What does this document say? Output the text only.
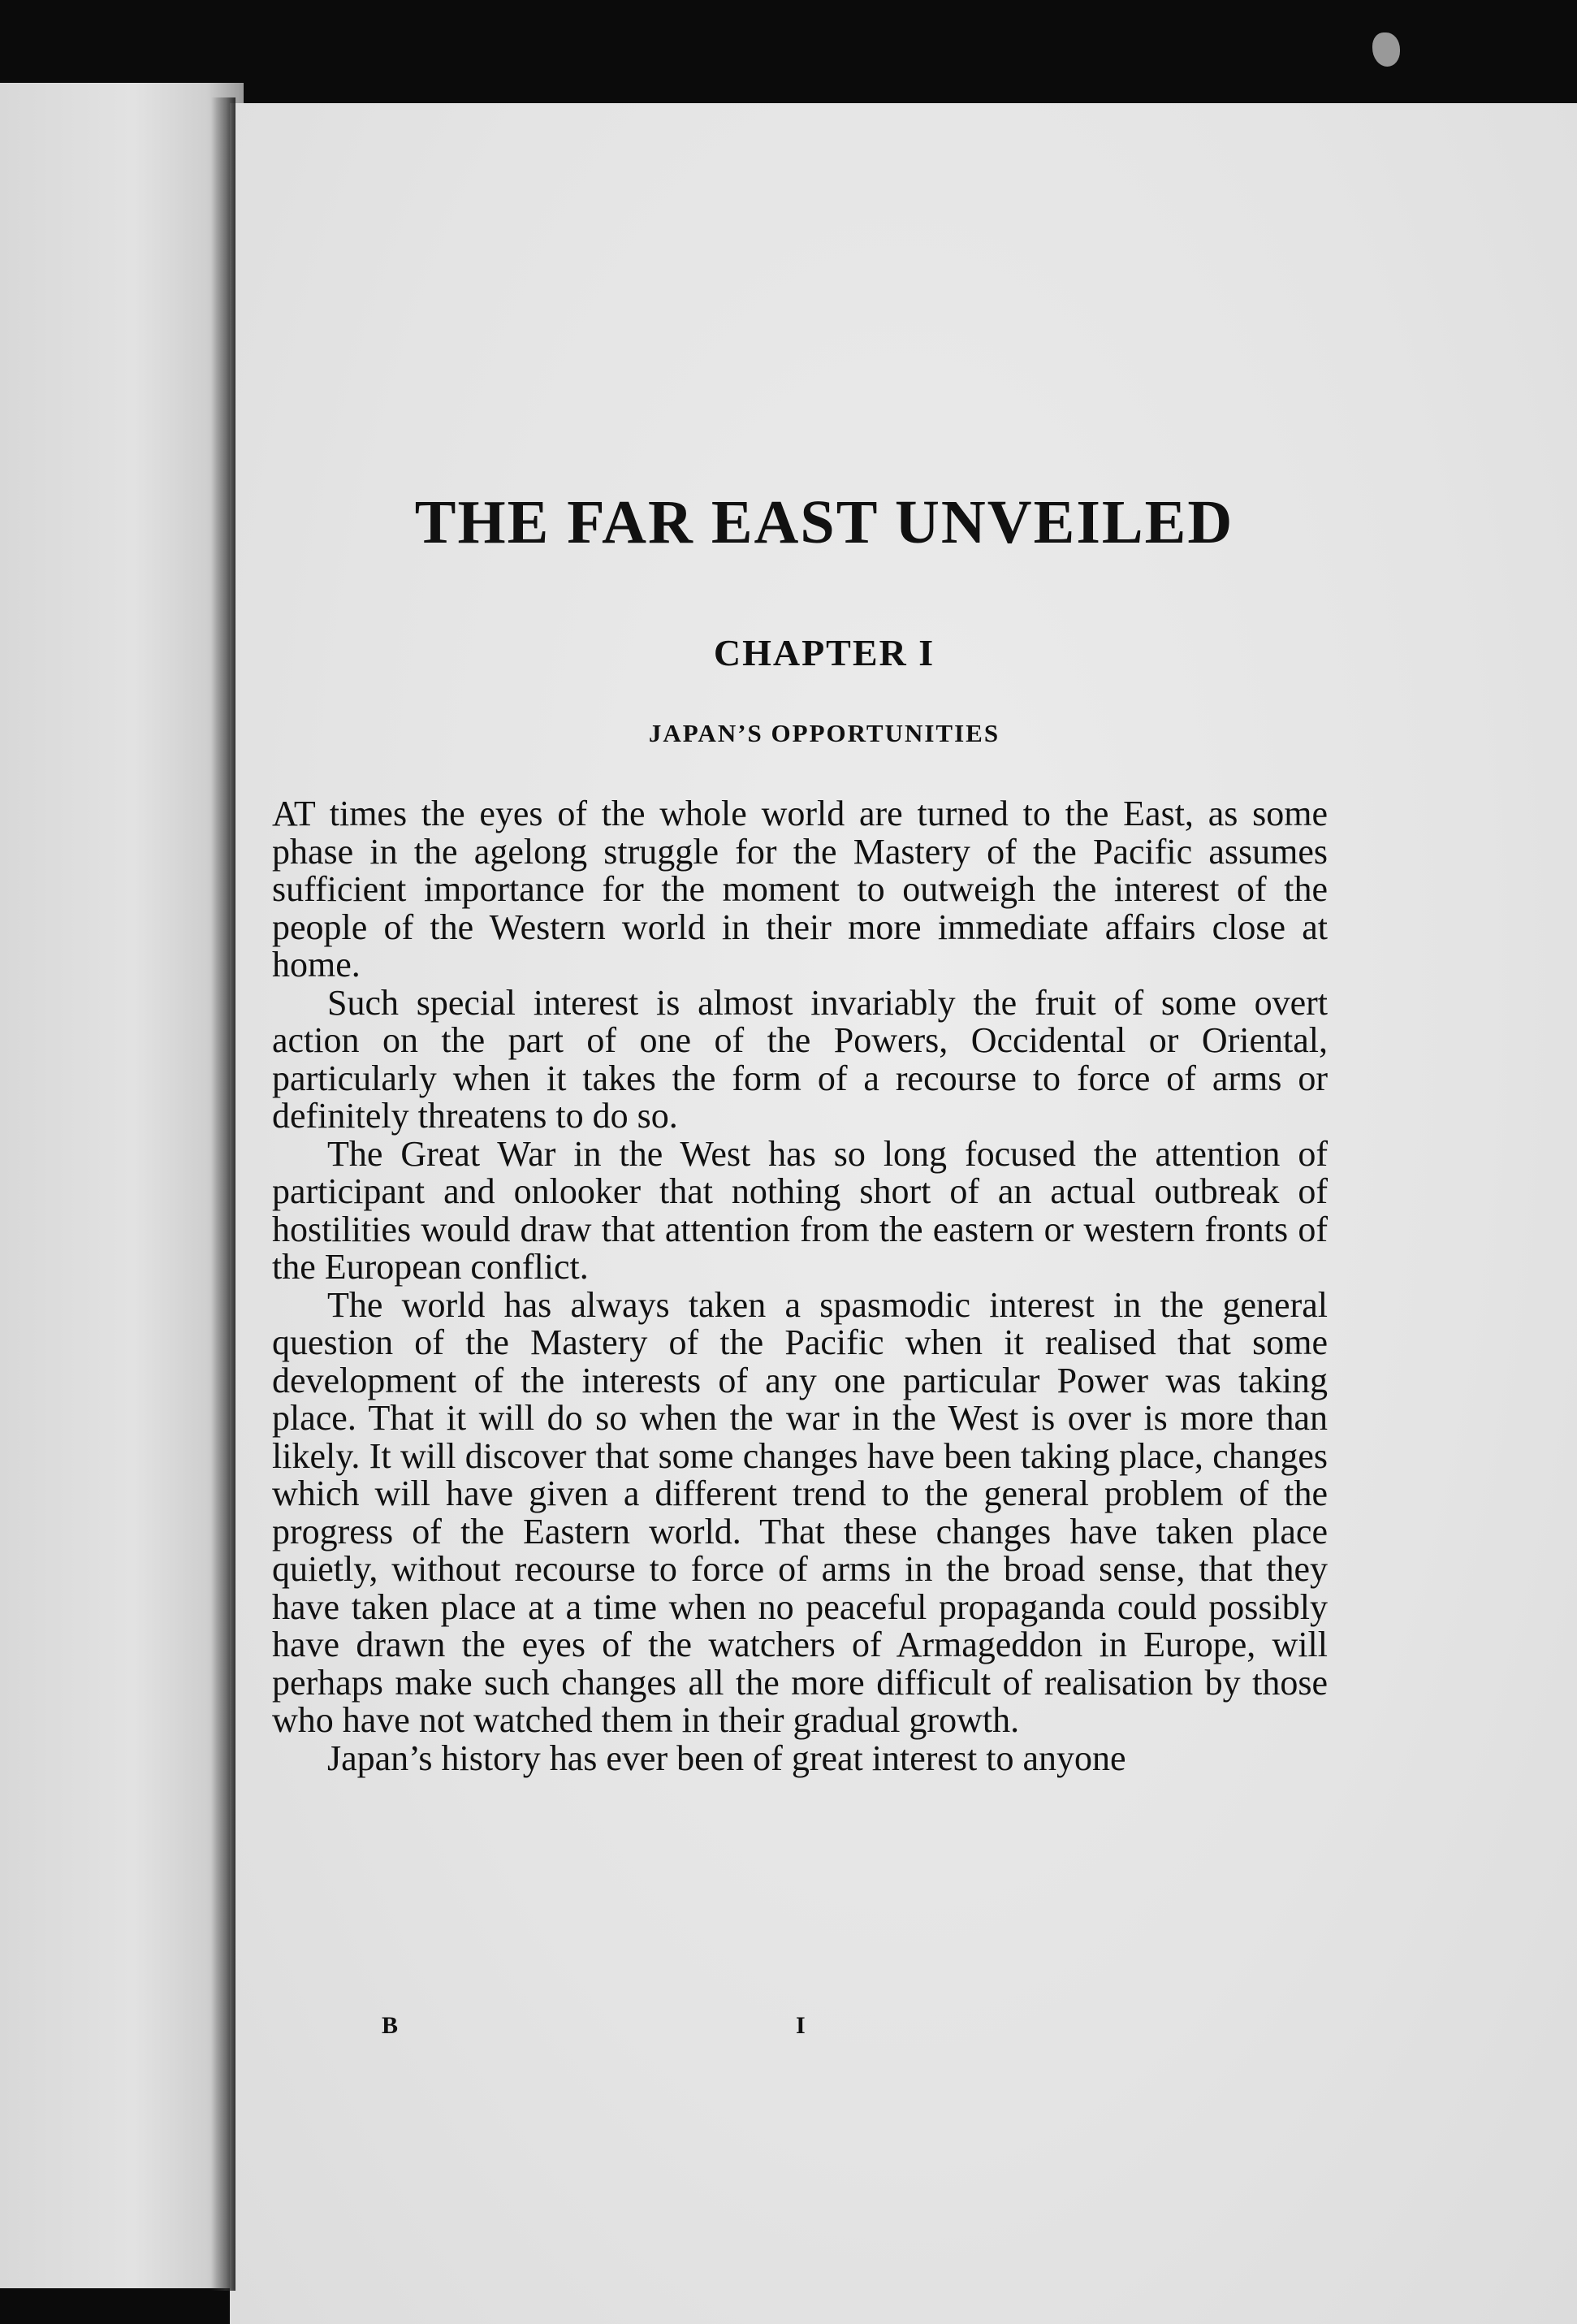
THE FAR EAST UNVEILED
CHAPTER I
JAPAN’S OPPORTUNITIES
AT times the eyes of the whole world are turned to the East, as some phase in the agelong struggle for the Mastery of the Pacific assumes sufficient importance for the moment to outweigh the interest of the people of the Western world in their more immediate affairs close at home.
Such special interest is almost invariably the fruit of some overt action on the part of one of the Powers, Occidental or Oriental, particularly when it takes the form of a recourse to force of arms or definitely threatens to do so.
The Great War in the West has so long focused the attention of participant and onlooker that nothing short of an actual outbreak of hostilities would draw that attention from the eastern or western fronts of the European conflict.
The world has always taken a spasmodic interest in the general question of the Mastery of the Pacific when it realised that some development of the interests of any one particular Power was taking place. That it will do so when the war in the West is over is more than likely. It will discover that some changes have been taking place, changes which will have given a different trend to the general problem of the progress of the Eastern world. That these changes have taken place quietly, without recourse to force of arms in the broad sense, that they have taken place at a time when no peaceful propaganda could possibly have drawn the eyes of the watchers of Armageddon in Europe, will perhaps make such changes all the more difficult of realisation by those who have not watched them in their gradual growth.
Japan’s history has ever been of great interest to anyone
B	I
